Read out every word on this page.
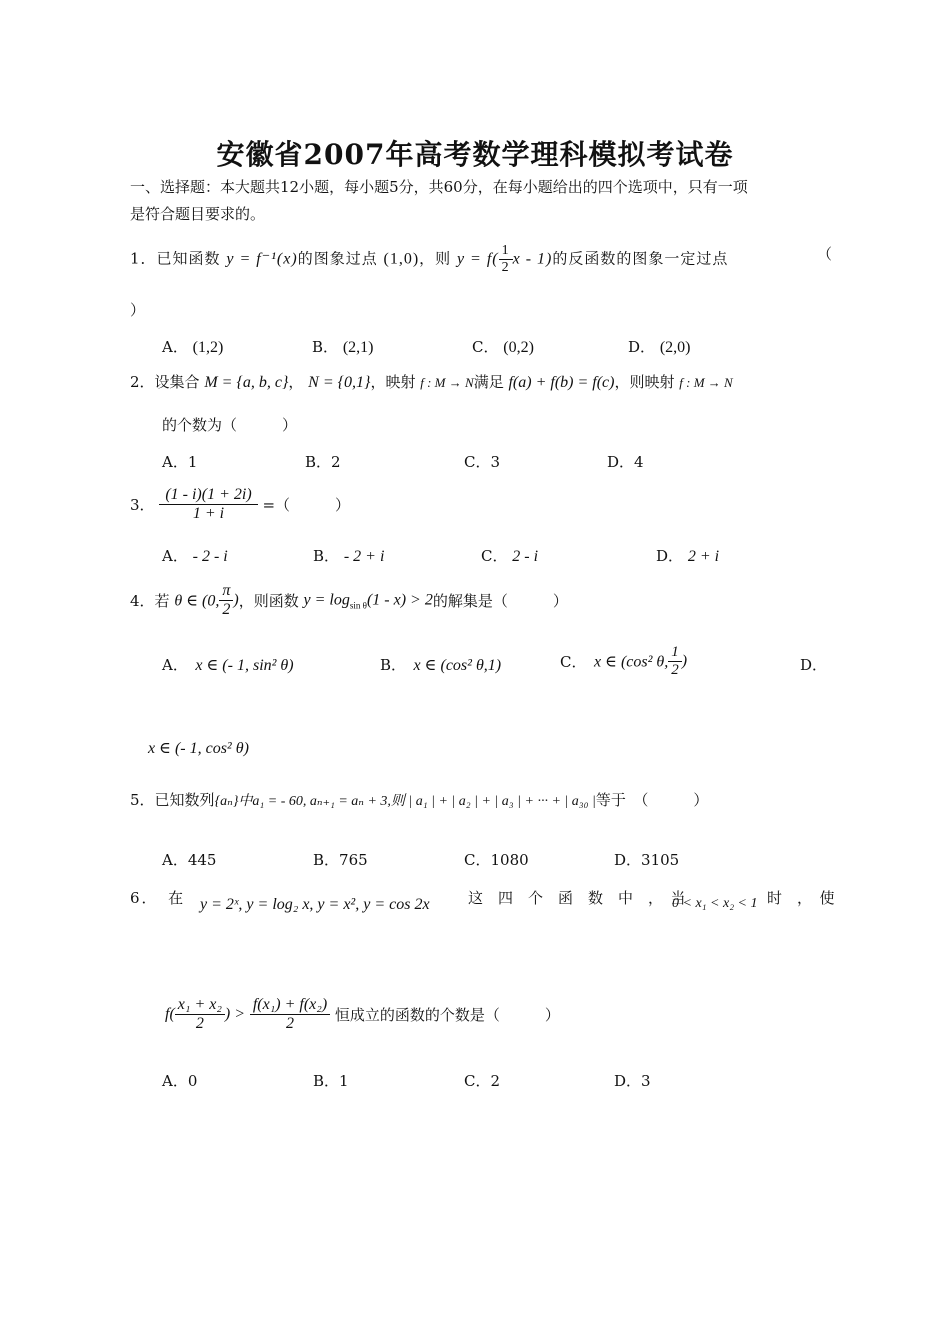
安徽省2007年高考数学理科模拟考试卷
一、选择题：本大题共12小题，每小题5分，共60分，在每小题给出的四个选项中，只有一项
是符合题目要求的。
1．已知函数 y = f⁻¹(x)的图象过点 (1,0)，则 $y = f( \frac{1}{2}$ x - 1)的反函数的图象一定过点	（
）
A． (1,2)	B． (2,1)	C． (0,2)	D． (2,0)
2．设集合 M = {a, b, c}， N = {0,1}，映射 f : M → N满足 f(a) + f(b) = f(c)，则映射 f : M → N
的个数为（　　　）
A．1	B．2	C．3	D．4
3． $\frac{(1 - i)(1 + 2i)}{1 + i}$ =（　　　）
A． - 2 - i	B． - 2 + i	C． 2 - i	D． 2 + i
4．若 θ ∈ (0, $\frac{\pi}{2}$ )，则函数 $y = \log_{sin \theta}(1 - x) > 2$的解集是（　　　）
A．　 x ∈ (- 1, sin² θ)	B．　 x ∈ (cos² θ,1)	C．　 x ∈ (cos² θ, $\frac{1}{2}$ )	D．
x ∈ (- 1, cos² θ)
5．已知数列{aₙ}中a₁ = - 60, aₙ₊₁ = aₙ + 3,则 | a₁ | + | a₂ | + | a₃ | + ··· + | a₃₀ |等于　（　　　）
A．445	B．765	C．1080	D．3105
6．　 在 y = 2ˣ, y = log₂ x, y = x², y = cos 2x	这　四　个　函　数　中　，　当
0 < x₁ < x₂ < 1 时　，　使
$f( \frac{\text{x₁ + x₂}}{2}$ ) > $\frac{\text{f(x₁) + f(x₂)}}{2}$ 恒成立的函数的个数是（　　　）
A．0	B．1	C．2	D．3
